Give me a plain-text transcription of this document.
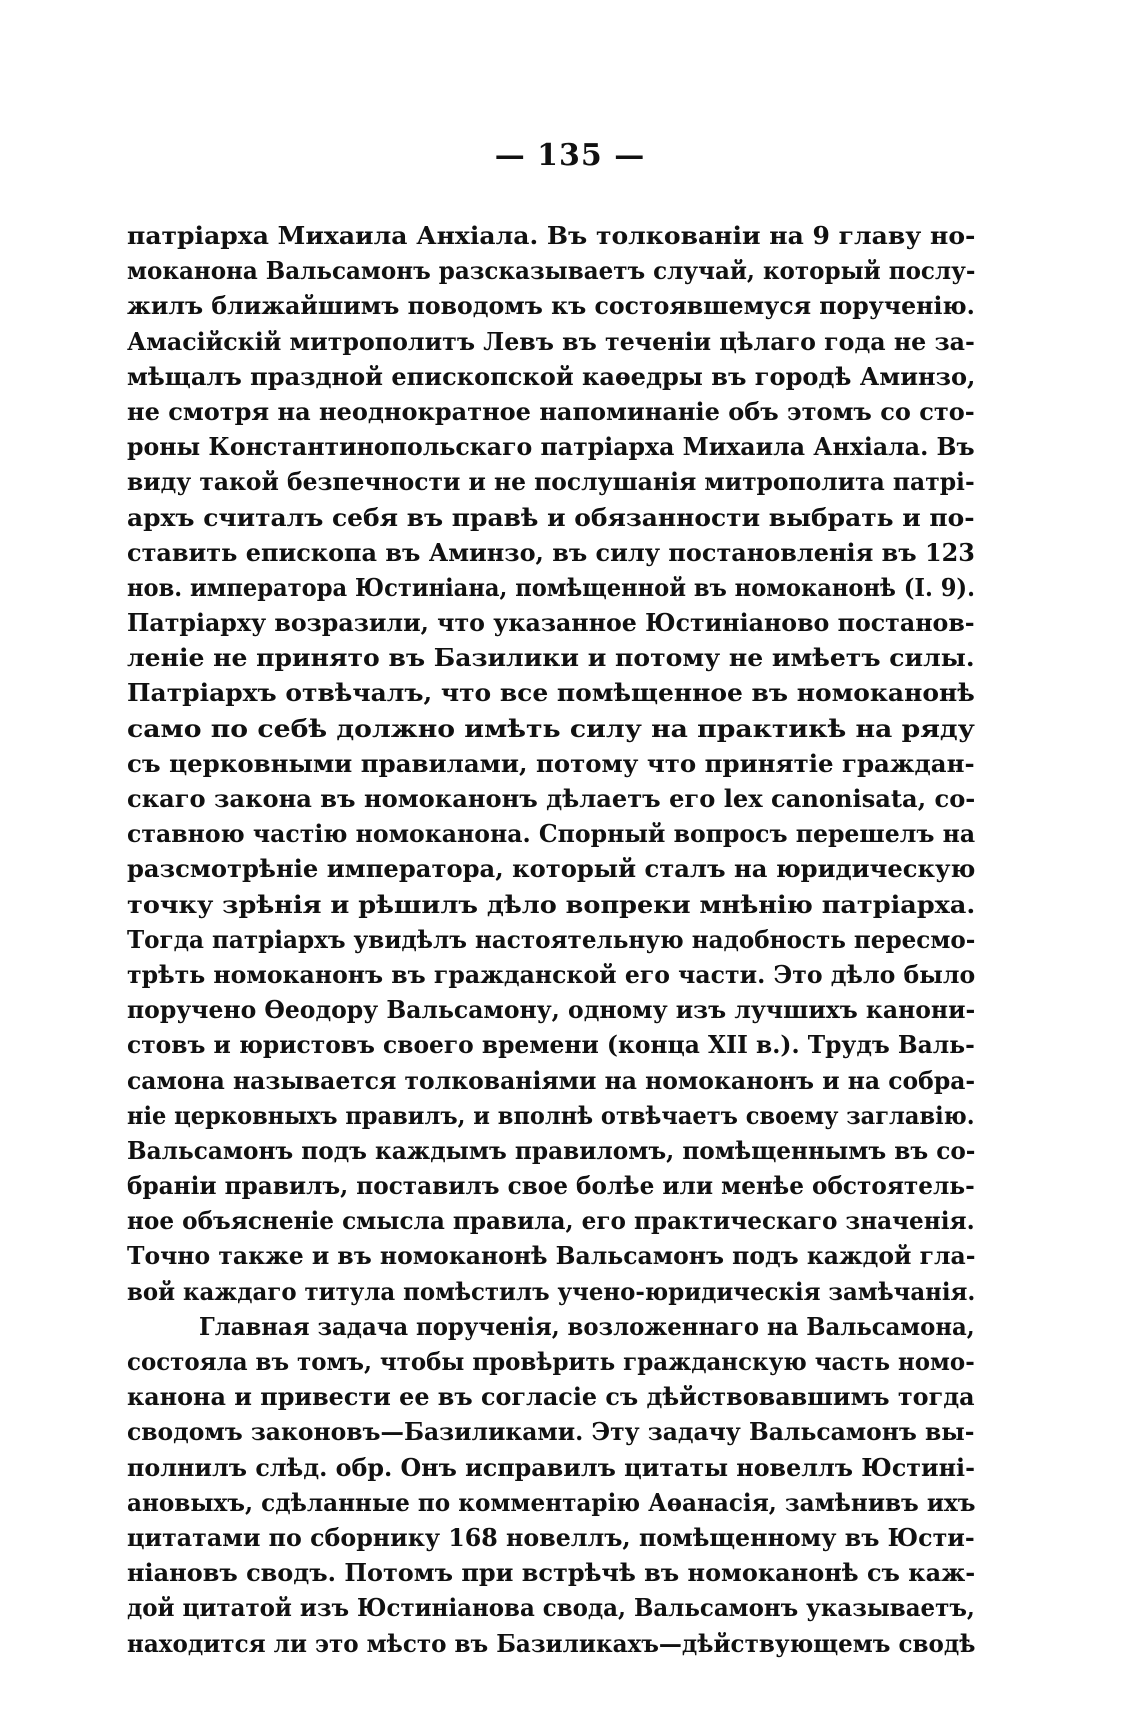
— 135 —
патріарха Михаила Анхіала. Въ толкованіи на 9 главу но-
моканона Вальсамонъ разсказываетъ случай, который послу-
жилъ ближайшимъ поводомъ къ состоявшемуся порученію.
Амасійскій митрополитъ Левъ въ теченіи цѣлаго года не за-
мѣщалъ праздной епископской каѳедры въ городѣ Аминзо,
не смотря на неоднократное напоминаніе объ этомъ со сто-
роны Константинопольскаго патріарха Михаила Анхіала. Въ
виду такой безпечности и не послушанія митрополита патрі-
архъ считалъ себя въ правѣ и обязанности выбрать и по-
ставить епископа въ Аминзо, въ силу постановленія въ 123
нов. императора Юстиніана, помѣщенной въ номоканонѣ (I. 9).
Патріарху возразили, что указанное Юстиніаново постанов-
леніе не принято въ Базилики и потому не имѣетъ силы.
Патріархъ отвѣчалъ, что все помѣщенное въ номоканонѣ
само по себѣ должно имѣть силу на практикѣ на ряду
съ церковными правилами, потому что принятіе граждан-
скаго закона въ номоканонъ дѣлаетъ его lex canonisata, со-
ставною частію номоканона. Спорный вопросъ перешелъ на
разсмотрѣніе императора, который сталъ на юридическую
точку зрѣнія и рѣшилъ дѣло вопреки мнѣнію патріарха.
Тогда патріархъ увидѣлъ настоятельную надобность пересмо-
трѣть номоканонъ въ гражданской его части. Это дѣло было
поручено Ѳеодору Вальсамону, одному изъ лучшихъ канони-
стовъ и юристовъ своего времени (конца XII в.). Трудъ Валь-
самона называется толкованіями на номоканонъ и на собра-
ніе церковныхъ правилъ, и вполнѣ отвѣчаетъ своему заглавію.
Вальсамонъ подъ каждымъ правиломъ, помѣщеннымъ въ со-
браніи правилъ, поставилъ свое болѣе или менѣе обстоятель-
ное объясненіе смысла правила, его практическаго значенія.
Точно также и въ номоканонѣ Вальсамонъ подъ каждой гла-
вой каждаго титула помѣстилъ учено-юридическія замѣчанія.
Главная задача порученія, возложеннаго на Вальсамона,
состояла въ томъ, чтобы провѣрить гражданскую часть номо-
канона и привести ее въ согласіе съ дѣйствовавшимъ тогда
сводомъ законовъ—Базиликами. Эту задачу Вальсамонъ вы-
полнилъ слѣд. обр. Онъ исправилъ цитаты новеллъ Юстині-
ановыхъ, сдѣланные по комментарію Аѳанасія, замѣнивъ ихъ
цитатами по сборнику 168 новеллъ, помѣщенному въ Юсти-
ніановъ сводъ. Потомъ при встрѣчѣ въ номоканонѣ съ каж-
дой цитатой изъ Юстиніанова свода, Вальсамонъ указываетъ,
находится ли это мѣсто въ Базиликахъ—дѣйствующемъ сводѣ
